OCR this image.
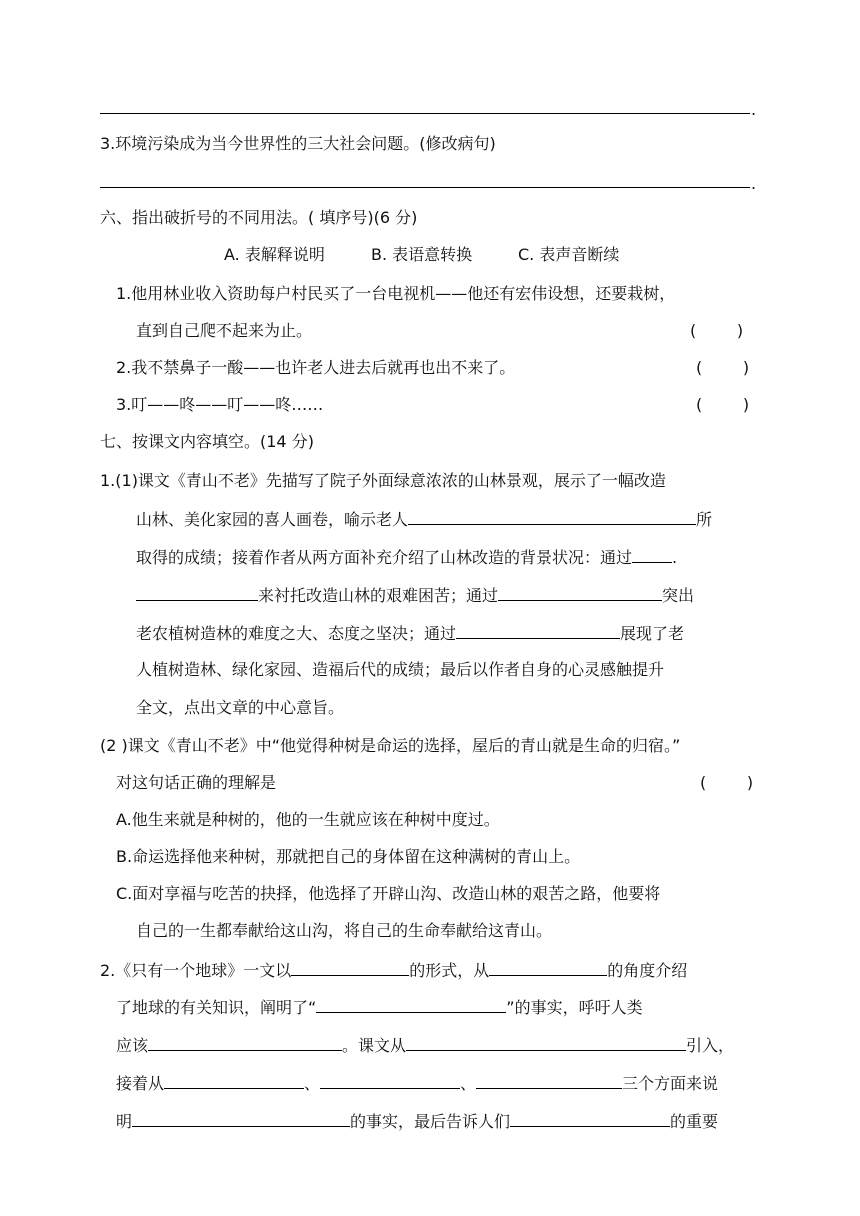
.
3.环境污染成为当今世界性的三大社会问题。(修改病句)
.
六、指出破折号的不同用法。( 填序号)(6 分)
A. 表解释说明	B. 表语意转换	C. 表声音断续
1.他用林业收入资助每户村民买了一台电视机——他还有宏伟设想，还要栽树，
直到自己爬不起来为止。	(        )
2.我不禁鼻子一酸——也许老人进去后就再也出不来了。	(        )
3.叮——咚——叮——咚……	(        )
七、按课文内容填空。(14 分)
1.(1)课文《青山不老》先描写了院子外面绿意浓浓的山林景观，展示了一幅改造
山林、美化家园的喜人画卷，喻示老人	所
取得的成绩；接着作者从两方面补充介绍了山林改造的背景状况：通过	.
来衬托改造山林的艰难困苦；通过	突出
老农植树造林的难度之大、态度之坚决；通过	展现了老
人植树造林、绿化家园、造福后代的成绩；最后以作者自身的心灵感触提升
全文，点出文章的中心意旨。
(2 )课文《青山不老》中“他觉得种树是命运的选择，屋后的青山就是生命的归宿。”
对这句话正确的理解是	(        )
A.他生来就是种树的，他的一生就应该在种树中度过。
B.命运选择他来种树，那就把自己的身体留在这种满树的青山上。
C.面对享福与吃苦的抉择，他选择了开辟山沟、改造山林的艰苦之路，他要将
自己的一生都奉献给这山沟，将自己的生命奉献给这青山。
2.《只有一个地球》一文以	的形式，从	的角度介绍
了地球的有关知识，阐明了“	”的事实，呼吁人类
应该	。课文从	引入，
接着从	、	、	三个方面来说
明	的事实，最后告诉人们	的重要
